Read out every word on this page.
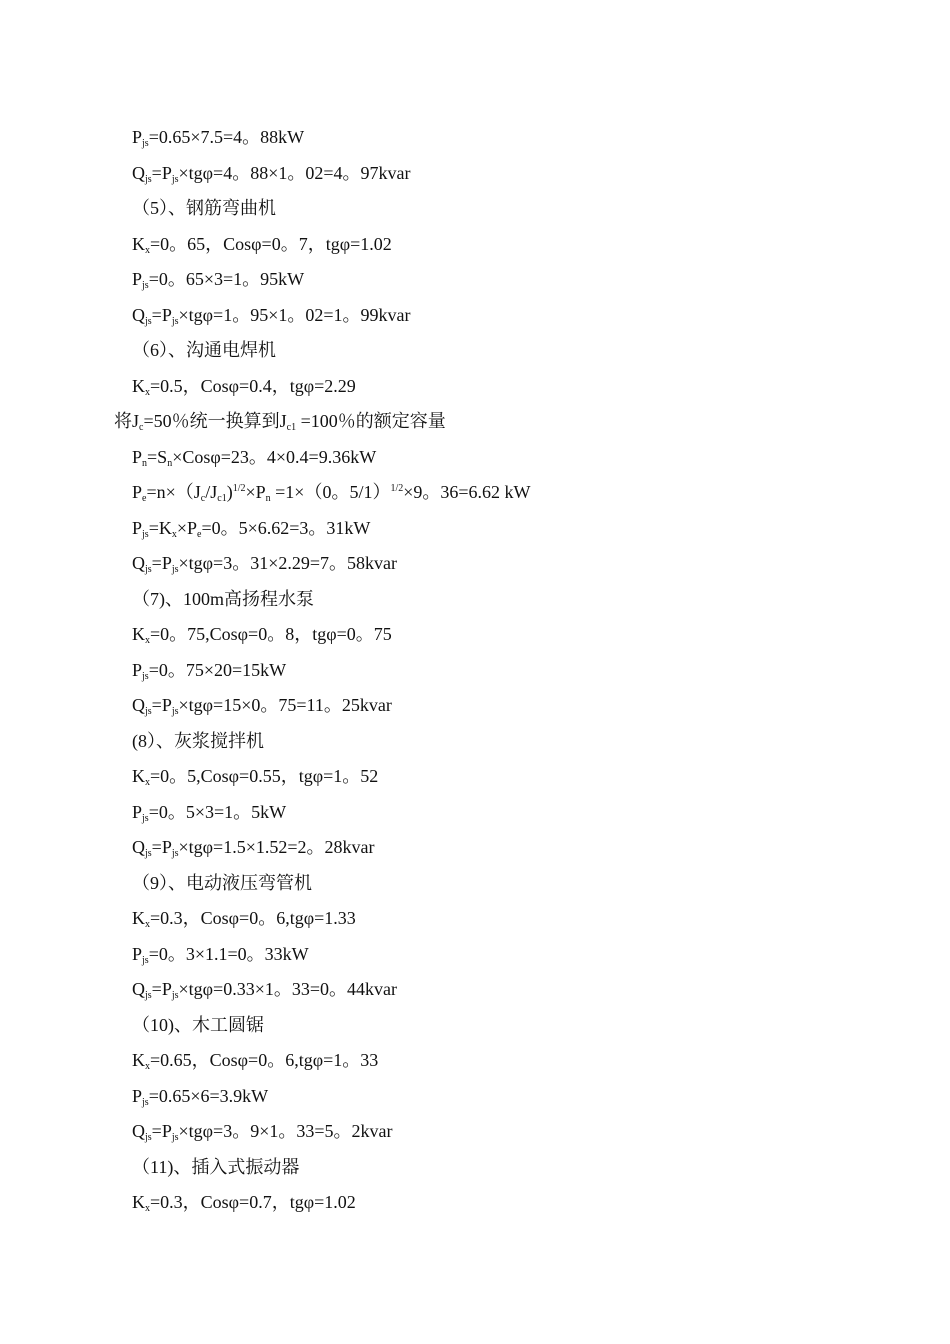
$P_{js}=0.65\times 7.5=4$。88kW
$Q_{js}=P_{js}\times tg\varphi=4$。88×1。02=4。97kvar
（5）、钢筋弯曲机
$K_x=0$。65，Cosφ=0。7，tgφ=1.02
$P_{js}=0$。65×3=1。95kW
$Q_{js}=P_{js}\times tg\varphi=1$。95×1。02=1。99kvar
（6）、沟通电焊机
$K_x=0.5$，Cosφ=0.4，tgφ=2.29
将$J_c=50$％统一换算到$J_{c1} =100$％的额定容量
$P_n=S_n\times Cos\varphi=23$。4×0.4=9.36kW
$P_e=n\times(J_c/J_{c1})^{1/2}\times P_n =1\times(0$。5/1）$^{1/2}$×9。36=6.62 kW
$P_{js}=K_x\times P_e=0$。5×6.62=3。31kW
$Q_{js}=P_{js}\times tg\varphi=3$。31×2.29=7。58kvar
（7)、100m高扬程水泵
$K_x=0$。75,Cosφ=0。8，tgφ=0。75
$P_{js}=0$。75×20=15kW
$Q_{js}=P_{js}\times tg\varphi=15\times 0$。75=11。25kvar
(8）、灰浆搅拌机
$K_x=0$。5,Cosφ=0.55，tgφ=1。52
$P_{js}=0$。5×3=1。5kW
$Q_{js}=P_{js}\times tg\varphi=1.5\times 1.52=2$。28kvar
（9）、电动液压弯管机
$K_x=0.3$，Cosφ=0。6,tgφ=1.33
$P_{js}=0$。3×1.1=0。33kW
$Q_{js}=P_{js}\times tg\varphi=0.33\times 1$。33=0。44kvar
（10)、木工圆锯
$K_x=0.65$，Cosφ=0。6,tgφ=1。33
$P_{js}=0.65\times 6=3.9kW$
$Q_{js}=P_{js}\times tg\varphi=3$。9×1。33=5。2kvar
（11)、插入式振动器
$K_x=0.3$，Cosφ=0.7，tgφ=1.02
